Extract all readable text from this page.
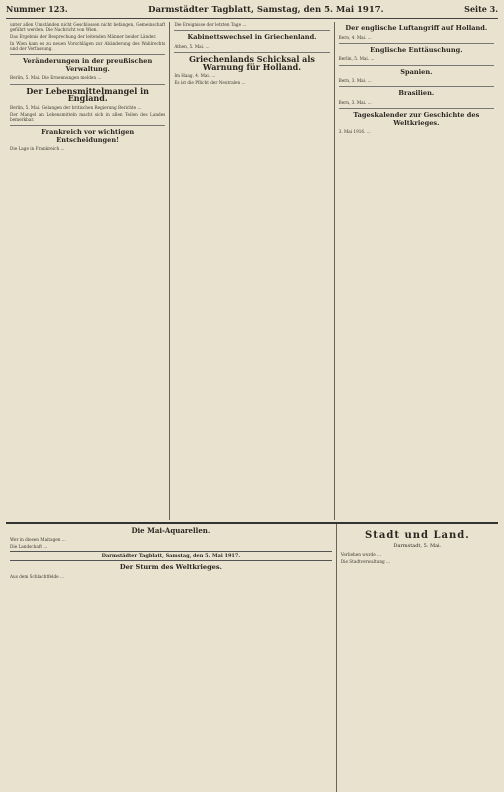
Nummer 123.	Darmstädter Tagblatt, Samstag, den 5. Mai 1917.	Seite 3.
unter allen Umständen nicht Geschlossen nicht befangen, Gemeinschaft geführt werden. Die Nachricht von Wien.
Das Ergebnis der Besprechung der leitenden Männer beider Länder.
In Wien kam es zu neuen Vorschlägen zur Abänderung des Wahlrechts und der Verfassung.
Veränderungen in der preußischen Verwaltung.
Berlin, 5. Mai. Die Ernennungen melden ...
Der Lebensmittelmangel in England.
Berlin, 5. Mai. Gelangen der britischen Regierung Berichte ...
Der Mangel an Lebensmitteln macht sich in allen Teilen des Landes bemerkbar.
Frankreich vor wichtigen Entscheidungen!
Die Lage in Frankreich ...
Die Ereignisse der letzten Tage ...
Kabinettswechsel in Griechenland.
Athen, 5. Mai. ...
Griechenlands Schicksal als Warnung für Holland.
Im Haag, 4. Mai. ...
Es ist die Pflicht der Neutralen ...
Der englische Luftangriff auf Holland.
Bern, 4. Mai. ...
Englische Enttäuschung.
Berlin, 5. Mai. ...
Spanien.
Bern, 3. Mai. ...
Brasilien.
Bern, 3. Mai. ...
Tageskalender zur Geschichte des Weltkrieges.
3. Mai 1916. ...
Die Mai-Aquarellen.
Wer in diesen Maitagen ...
Die Landschaft ...
Darmstädter Tagblatt, Samstag, den 5. Mai 1917.
Der Sturm des Weltkrieges.
Aus dem Schlachtfelde ...
Stadt und Land.
Darmstadt, 5. Mai.
Verliehen wurde ...
Die Stadtverwaltung ...
